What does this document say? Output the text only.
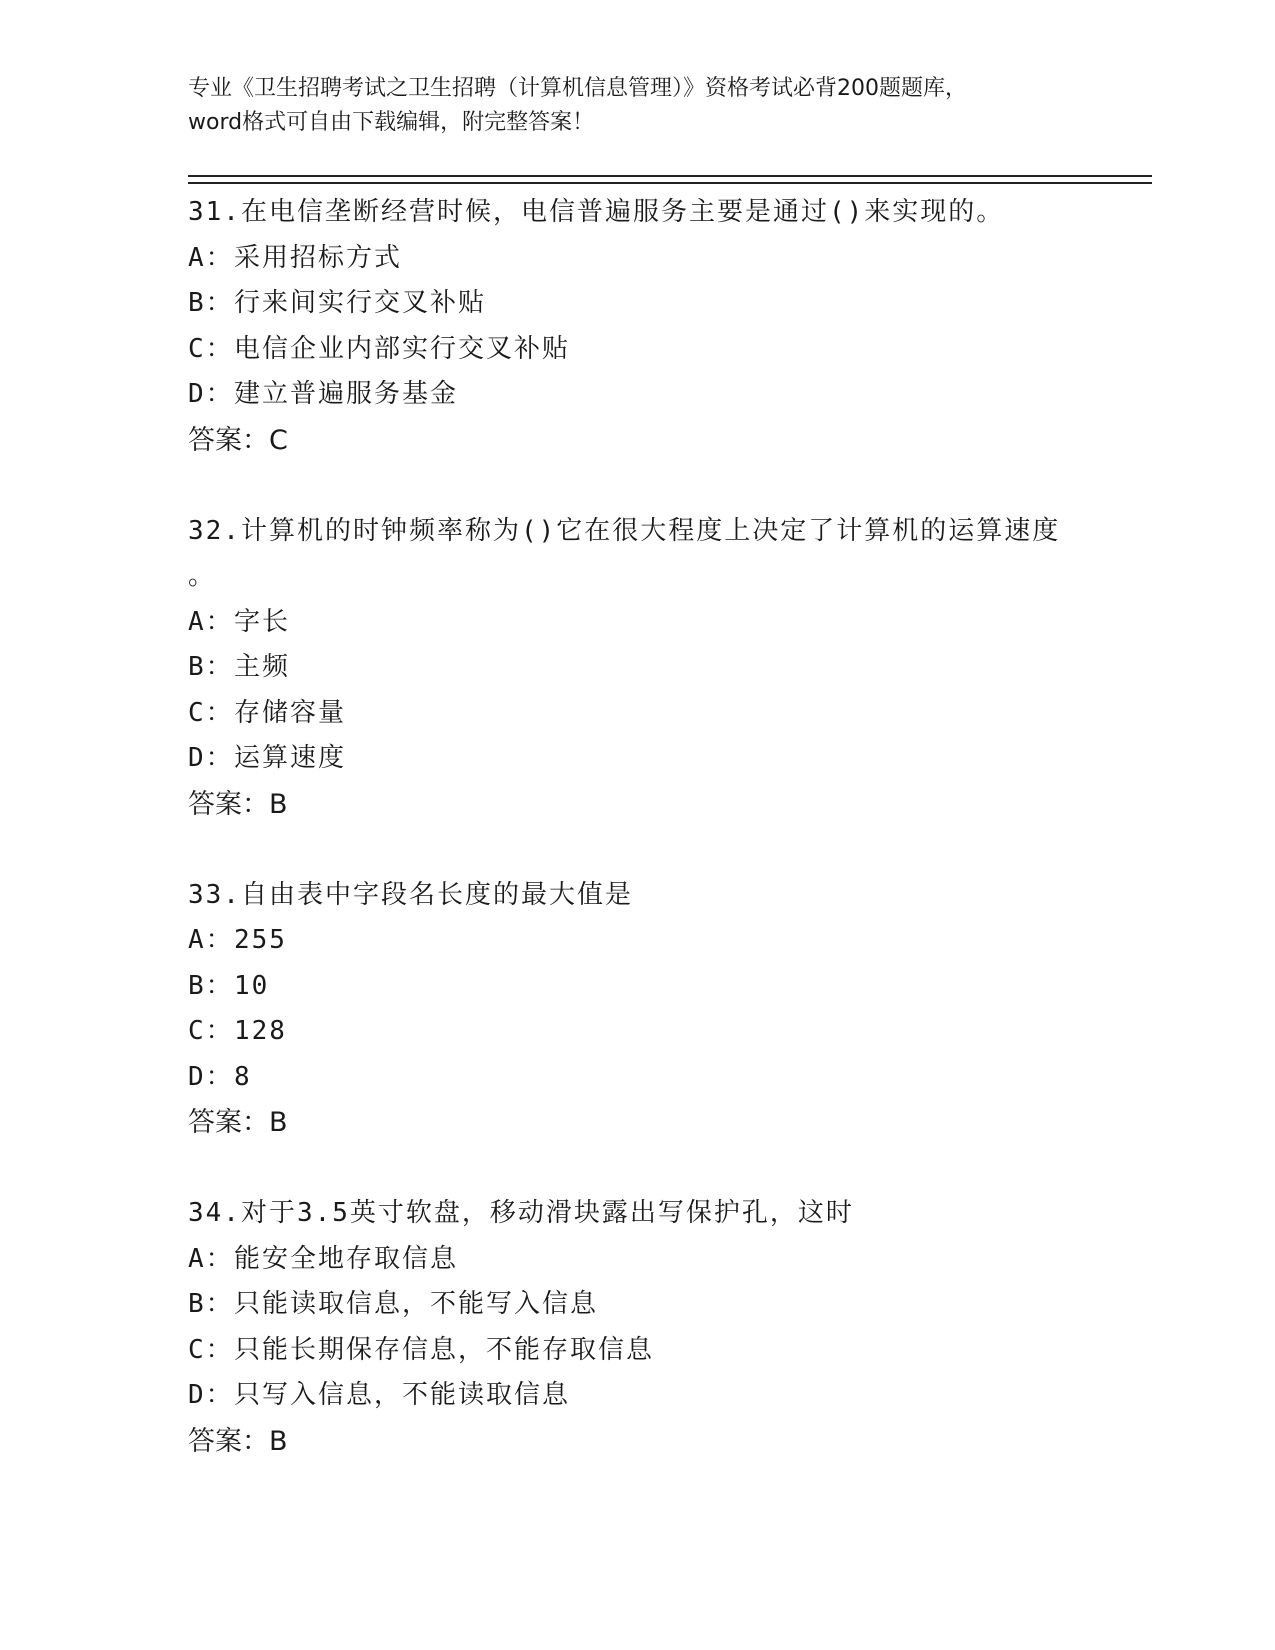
专业《卫生招聘考试之卫生招聘（计算机信息管理）》资格考试必背200题题库，
word格式可自由下载编辑，附完整答案！
31.在电信垄断经营时候，电信普遍服务主要是通过()来实现的。
A：采用招标方式
B：行来间实行交叉补贴
C：电信企业内部实行交叉补贴
D：建立普遍服务基金
答案：C
32.计算机的时钟频率称为()它在很大程度上决定了计算机的运算速度
。
A：字长
B：主频
C：存储容量
D：运算速度
答案：B
33.自由表中字段名长度的最大值是
A：255
B：10
C：128
D：8
答案：B
34.对于3.5英寸软盘，移动滑块露出写保护孔，这时
A：能安全地存取信息
B：只能读取信息，不能写入信息
C：只能长期保存信息，不能存取信息
D：只写入信息，不能读取信息
答案：B
